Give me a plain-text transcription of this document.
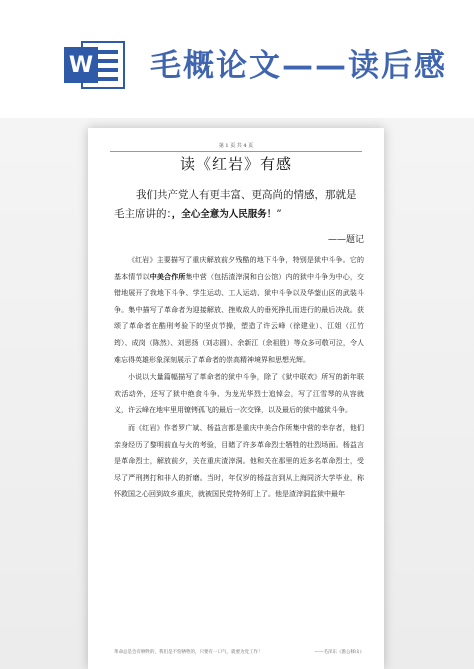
W 毛概论文——读后感
第 1 页 共 4 页
读《红岩》有感
我们共产党人有更丰富、更高尚的情感，那就是
毛主席讲的：，全心全意为人民服务！”
——题记

《红岩》主要描写了重庆解放前夕残酷的地下斗争，特别是狱中斗争。它的基本情节以中美合作所集中营（包括渣滓洞和白公馆）内的狱中斗争为中心，交错地展开了我地下斗争、学生运动、工人运动、狱中斗争以及华蓥山区的武装斗争。集中描写了革命者为迎接解放、挫败敌人的垂死挣扎而进行的最后决战。获颂了革命者在酷刑考验下的坚贞节操，塑造了许云峰（徐建业）、江姐（江竹筠）、成岗（陈然）、刘思扬（刘志圆）、余新江（余祖胜）等众多可敬可泣，令人难忘得英雄形象深刻展示了革命者的崇高精神境界和思想光辉。

小说以大量篇幅描写了革命者的狱中斗争，除了《狱中联欢》所写的新年联欢活动外，还写了狱中绝食斗争、为龙光华烈士追悼会，写了江雪琴的从容就义，许云峰在地牢里用镣铐孤飞的最后一次交锋，以及最后的狱中越狱斗争。

而《红岩》作者罗广斌、杨益言都是重庆中美合作所集中营的幸存者，他们亲身经历了黎明前血与火的考验，目睹了许多革命烈士牺牲的壮烈场面。杨益言是革命烈士，解放前夕，关在重庆渣滓洞。他和关在那里的近多名革命烈士，受尽了严刑拷打和非人的折磨。当时，年仅岁的杨益言到从上海同济大学毕业，称怀救国之心回到故乡重庆，就被国民党特务盯上了。他是渣滓洞监狱中最年

革命总是会有牺牲的，我们是不怕牺牲的，只要有一口气，就要为党工作！	——毛泽东《愚公移山》
